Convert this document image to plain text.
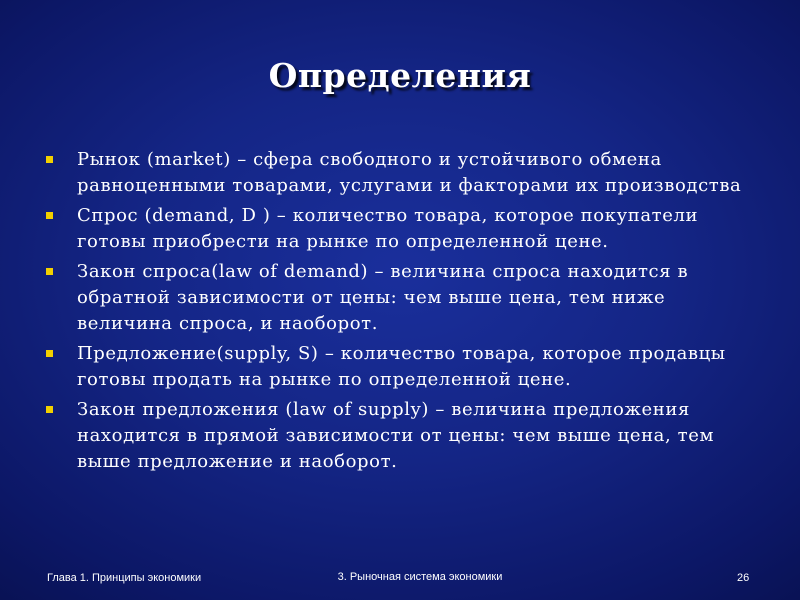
Определения
Рынок (market) – сфера свободного и устойчивого обмена равноценными товарами, услугами и факторами их производства
Спрос (demand, D ) – количество товара, которое покупатели готовы приобрести на рынке по определенной цене.
Закон спроса(law of demand) – величина спроса находится в обратной зависимости от цены: чем выше цена, тем ниже величина спроса, и наоборот.
Предложение(supply, S) – количество товара, которое продавцы готовы продать на рынке по определенной цене.
Закон предложения (law of supply) – величина предложения находится в прямой зависимости от цены: чем выше цена, тем выше предложение и наоборот.
Глава 1. Принципы экономики	3. Рыночная система экономики	26
